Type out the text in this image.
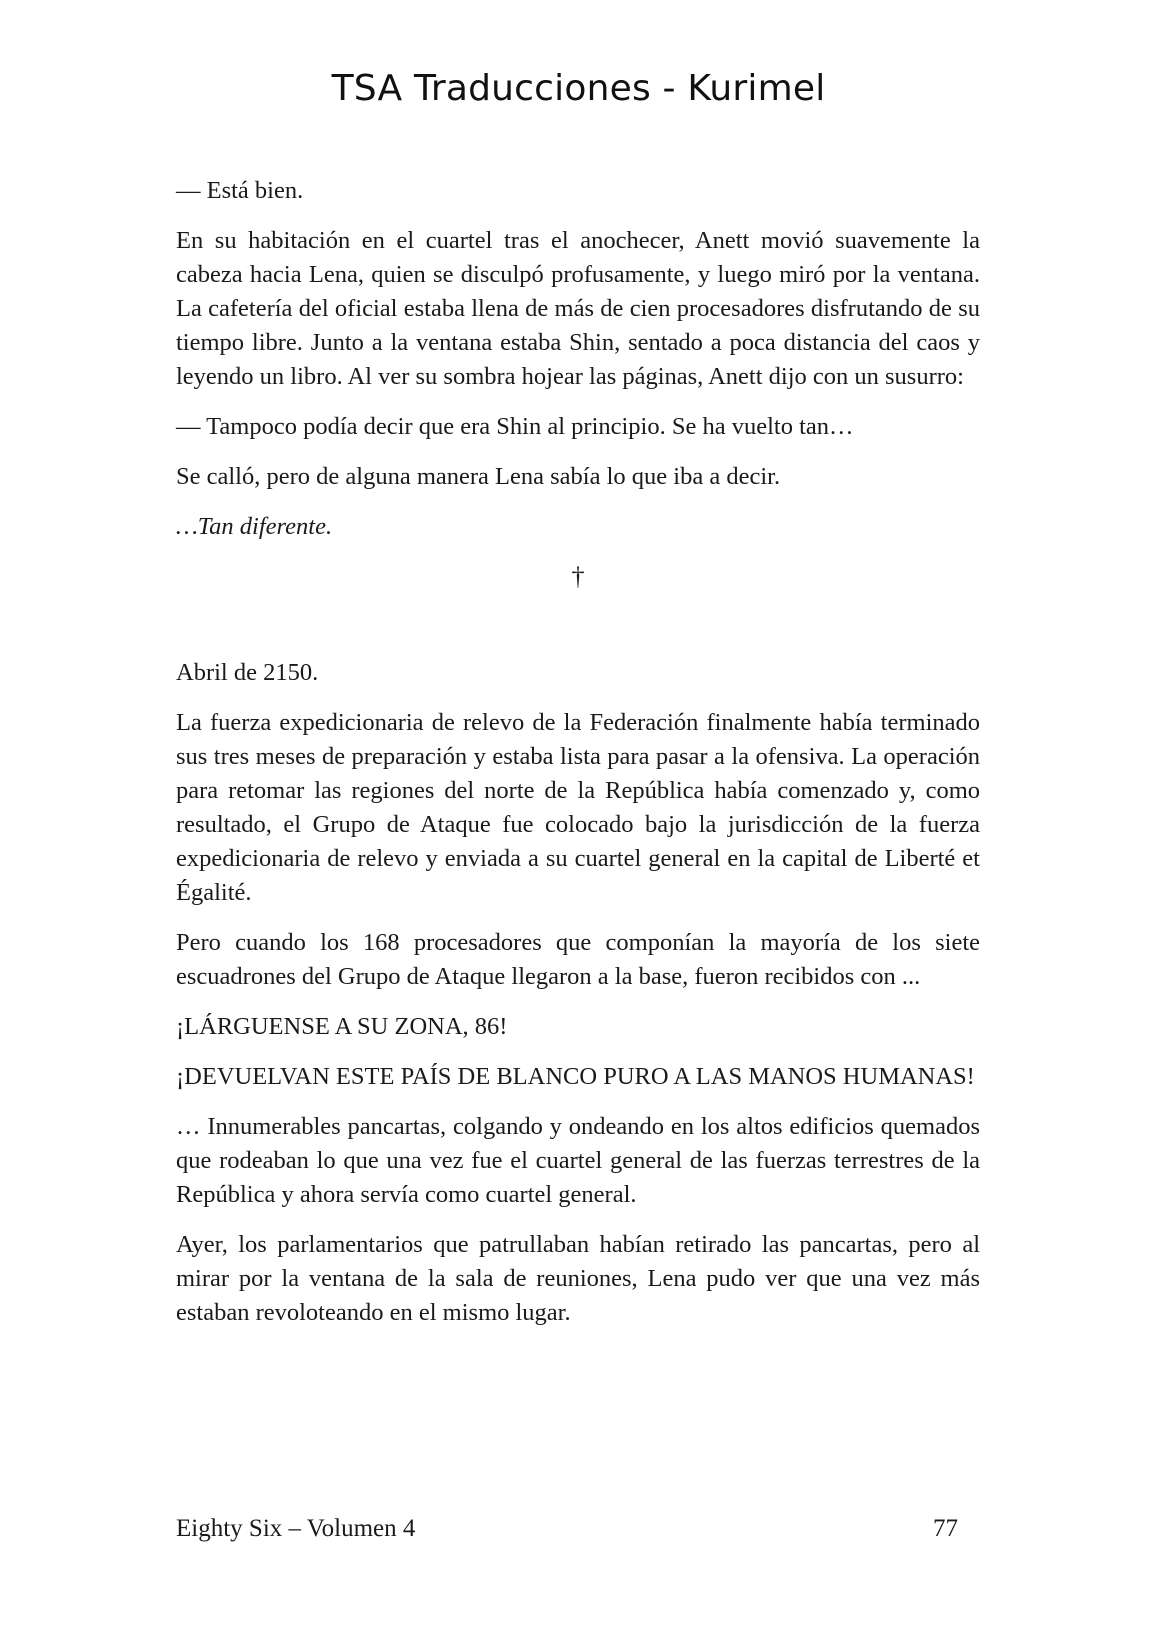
TSA Traducciones - Kurimel

— Está bien.

En su habitación en el cuartel tras el anochecer, Anett movió suavemente la cabeza hacia Lena, quien se disculpó profusamente, y luego miró por la ventana. La cafetería del oficial estaba llena de más de cien procesadores disfrutando de su tiempo libre. Junto a la ventana estaba Shin, sentado a poca distancia del caos y leyendo un libro. Al ver su sombra hojear las páginas, Anett dijo con un susurro:

— Tampoco podía decir que era Shin al principio. Se ha vuelto tan…

Se calló, pero de alguna manera Lena sabía lo que iba a decir.

…Tan diferente.

†

Abril de 2150.

La fuerza expedicionaria de relevo de la Federación finalmente había terminado sus tres meses de preparación y estaba lista para pasar a la ofensiva. La operación para retomar las regiones del norte de la República había comenzado y, como resultado, el Grupo de Ataque fue colocado bajo la jurisdicción de la fuerza expedicionaria de relevo y enviada a su cuartel general en la capital de Liberté et Égalité.

Pero cuando los 168 procesadores que componían la mayoría de los siete escuadrones del Grupo de Ataque llegaron a la base, fueron recibidos con ...

¡LÁRGUENSE A SU ZONA, 86!

¡DEVUELVAN ESTE PAÍS DE BLANCO PURO A LAS MANOS HUMANAS!

… Innumerables pancartas, colgando y ondeando en los altos edificios quemados que rodeaban lo que una vez fue el cuartel general de las fuerzas terrestres de la República y ahora servía como cuartel general.

Ayer, los parlamentarios que patrullaban habían retirado las pancartas, pero al mirar por la ventana de la sala de reuniones, Lena pudo ver que una vez más estaban revoloteando en el mismo lugar.

Eighty Six – Volumen 4	77
